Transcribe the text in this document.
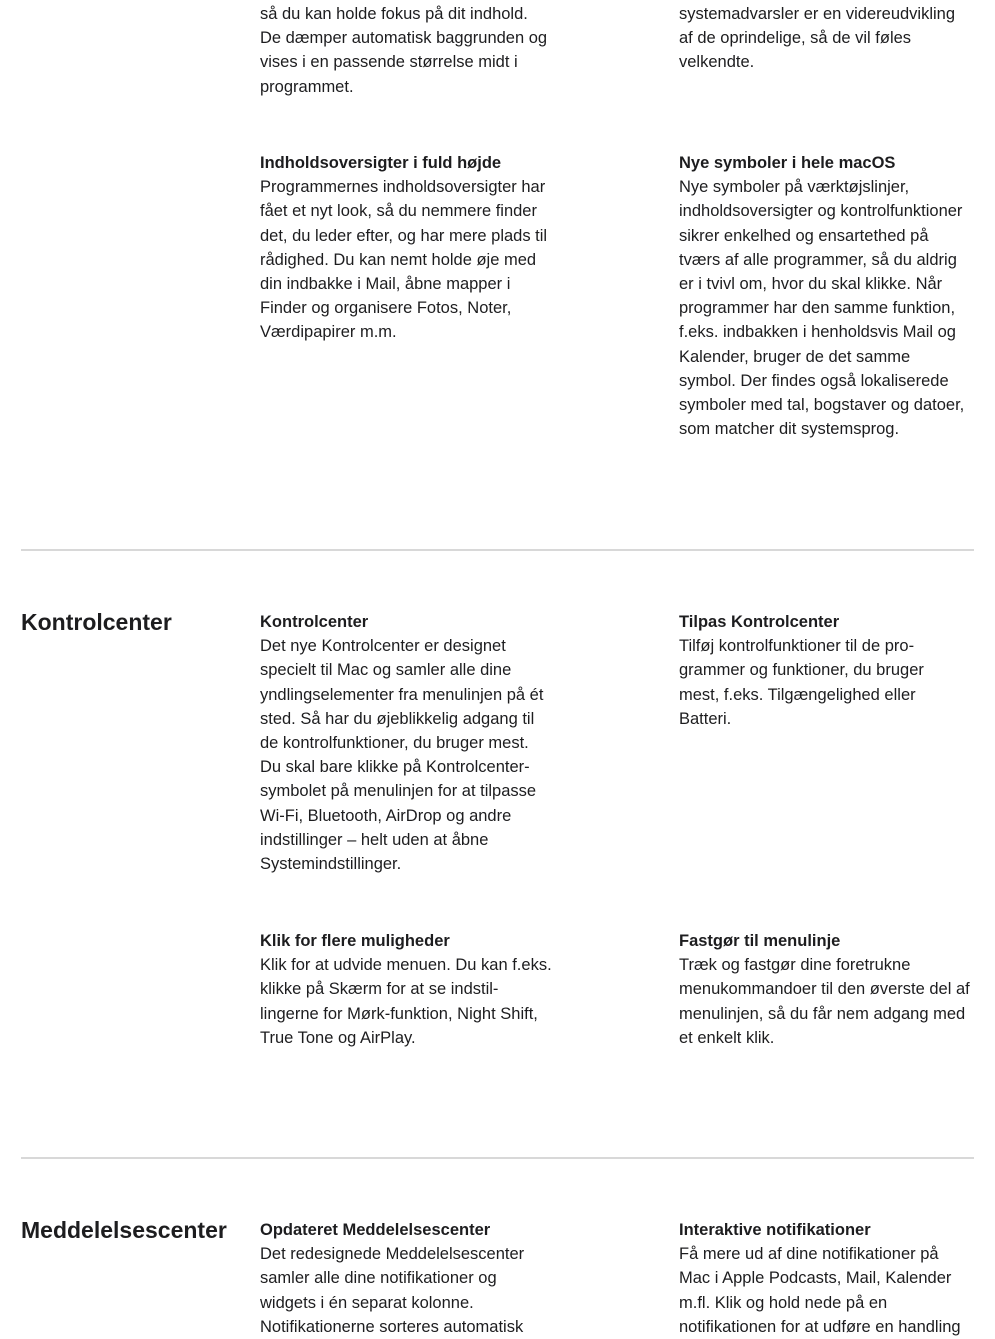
så du kan holde fokus på dit indhold.

De dæmper automatisk baggrunden og

vises i en passende størrelse midt i

programmet.

systemadvarsler er en videreudvikling

af de oprindelige, så de vil føles

velkendte.

Indholdsoversigter i fuld højde

Programmernes indholdsoversigter har

fået et nyt look, så du nemmere finder

det, du leder efter, og har mere plads til

rådighed. Du kan nemt holde øje med

din indbakke i Mail, åbne mapper i

Finder og organisere Fotos, Noter,

Værdipapirer m.m.

Nye symboler i hele macOS

Nye symboler på værktøjslinjer,

indholdsoversigter og kontrolfunktioner

sikrer enkelhed og ensartethed på

tværs af alle programmer, så du aldrig

er i tvivl om, hvor du skal klikke. Når

programmer har den samme funktion,

f.eks. indbakken i henholdsvis Mail og

Kalender, bruger de det samme

symbol. Der findes også lokaliserede

symboler med tal, bogstaver og datoer,

som matcher dit systemsprog.

Kontrolcenter	Kontrolcenter

Det nye Kontrolcenter er designet

specielt til Mac og samler alle dine

yndlingselementer fra menulinjen på ét

sted. Så har du øjeblikkelig adgang til

de kontrolfunktioner, du bruger mest.

Du skal bare klikke på Kontrolcenter-

symbolet på menulinjen for at tilpasse

Wi-Fi, Bluetooth, AirDrop og andre

indstillinger – helt uden at åbne

Systemindstillinger.

Tilpas Kontrolcenter

Tilføj kontrolfunktioner til de pro-

grammer og funktioner, du bruger

mest, f.eks. Tilgængelighed eller

Batteri.

Klik for flere muligheder

Klik for at udvide menuen. Du kan f.eks.

klikke på Skærm for at se indstil-

lingerne for Mørk-funktion, Night Shift,

True Tone og AirPlay.

Fastgør til menulinje

Træk og fastgør dine foretrukne

menukommandoer til den øverste del af

menulinjen, så du får nem adgang med

et enkelt klik.

Meddelelsescenter Opdateret Meddelelsescenter

Det redesignede Meddelelsescenter

samler alle dine notifikationer og

widgets i én separat kolonne.

Notifikationerne sorteres automatisk

Interaktive notifikationer

Få mere ud af dine notifikationer på

Mac i Apple Podcasts, Mail, Kalender

m.fl. Klik og hold nede på en

notifikationen for at udføre en handling
